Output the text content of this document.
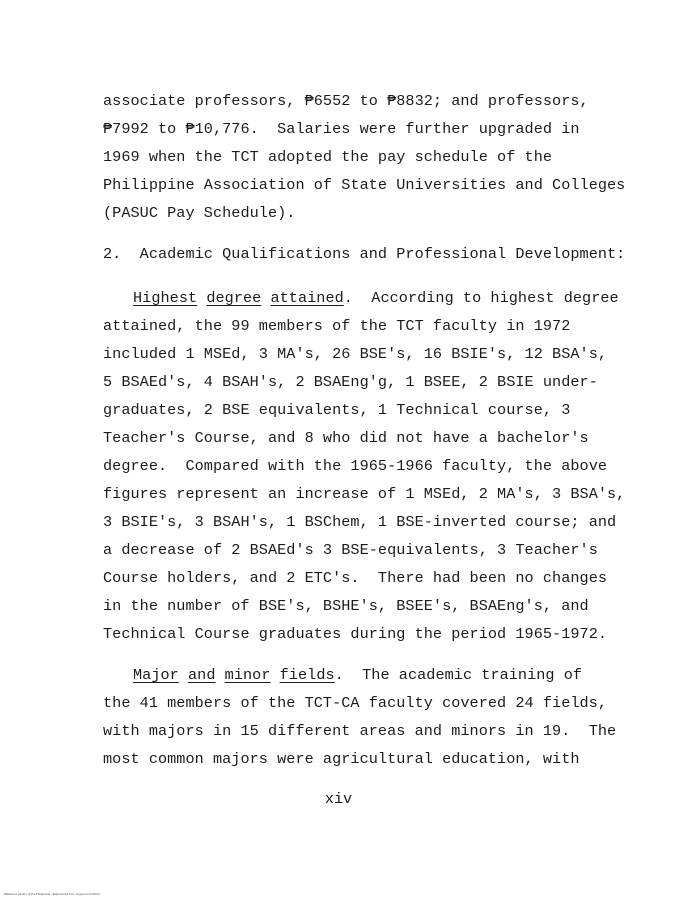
associate professors, ₱6552 to ₱8832; and professors,
₱7992 to ₱10,776.  Salaries were further upgraded in
1969 when the TCT adopted the pay schedule of the
Philippine Association of State Universities and Colleges
(PASUC Pay Schedule).
2.  Academic Qualifications and Professional Development:
Highest degree attained.  According to highest degree
attained, the 99 members of the TCT faculty in 1972
included 1 MSEd, 3 MA's, 26 BSE's, 16 BSIE's, 12 BSA's,
5 BSAEd's, 4 BSAH's, 2 BSAEng'g, 1 BSEE, 2 BSIE under-
graduates, 2 BSE equivalents, 1 Technical course, 3
Teacher's Course, and 8 who did not have a bachelor's
degree.  Compared with the 1965-1966 faculty, the above
figures represent an increase of 1 MSEd, 2 MA's, 3 BSA's,
3 BSIE's, 3 BSAH's, 1 BSChem, 1 BSE-inverted course; and
a decrease of 2 BSAEd's 3 BSE-equivalents, 3 Teacher's
Course holders, and 2 ETC's.  There had been no changes
in the number of BSE's, BSHE's, BSEE's, BSAEng's, and
Technical Course graduates during the period 1965-1972.
Major and minor fields.  The academic training of
the 41 members of the TCT-CA faculty covered 24 fields,
with majors in 15 different areas and minors in 19.  The
most common majors were agricultural education, with
xiv
Reference Library of the Philippines · Reproduced from original microfiche
